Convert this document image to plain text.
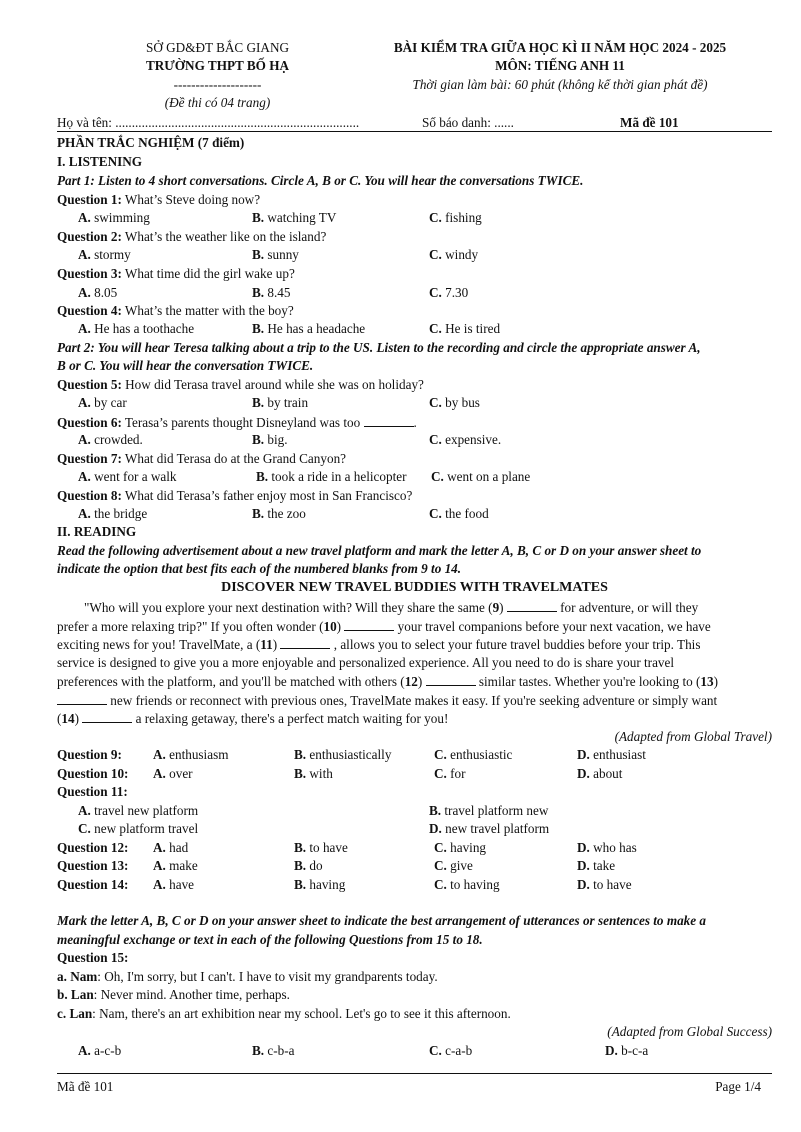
SỞ GD&ĐT BẮC GIANG
TRƯỜNG THPT BỐ HẠ
--------------------
(Đề thi có 04 trang)
BÀI KIỂM TRA GIỮA HỌC KÌ II NĂM HỌC 2024 - 2025
MÔN: TIẾNG ANH 11
Thời gian làm bài: 60 phút (không kể thời gian phát đề)
Họ và tên: ..........................................................................	Số báo danh: ......	Mã đề 101
PHẦN TRẮC NGHIỆM (7 điểm)
I. LISTENING
Part 1: Listen to 4 short conversations. Circle A, B or C. You will hear the conversations TWICE.
Question 1: What’s Steve doing now?
A. swimming	B. watching TV	C. fishing
Question 2: What’s the weather like on the island?
A. stormy	B. sunny	C. windy
Question 3: What time did the girl wake up?
A. 8.05	B. 8.45	C. 7.30
Question 4: What’s the matter with the boy?
A. He has a toothache	B. He has a headache	C. He is tired
Part 2: You will hear Teresa talking about a trip to the US. Listen to the recording and circle the appropriate answer A,
B or C. You will hear the conversation TWICE.
Question 5: How did Terasa travel around while she was on holiday?
A. by car	B. by train	C. by bus
Question 6: Terasa’s parents thought Disneyland was too	.
A. crowded.	B. big.	C. expensive.
Question 7: What did Terasa do at the Grand Canyon?
A. went for a walk	B. took a ride in a helicopter C. went on a plane
Question 8: What did Terasa’s father enjoy most in San Francisco?
A. the bridge	B. the zoo	C. the food
II. READING
Read the following advertisement about a new travel platform and mark the letter A, B, C or D on your answer sheet to
indicate the option that best fits each of the numbered blanks from 9 to 14.
DISCOVER NEW TRAVEL BUDDIES WITH TRAVELMATES
"Who will you explore your next destination with? Will they share the same (9)	for adventure, or will they
prefer a more relaxing trip?" If you often wonder (10)	your travel companions before your next vacation, we have
exciting news for you! TravelMate, a (11)	, allows you to select your future travel buddies before your trip. This
service is designed to give you a more enjoyable and personalized experience. All you need to do is share your travel
preferences with the platform, and you'll be matched with others (12)	similar tastes. Whether you're looking to (13)
new friends or reconnect with previous ones, TravelMate makes it easy. If you're seeking adventure or simply want
(14)	a relaxing getaway, there's a perfect match waiting for you!
(Adapted from Global Travel)
Question 9: A. enthusiasm	B. enthusiastically	C. enthusiastic	D. enthusiast
Question 10: A. over	B. with	C. for	D. about
Question 11:
A. travel new platform	B. travel platform new
C. new platform travel	D. new travel platform
Question 12: A. had	B. to have	C. having	D. who has
Question 13: A. make	B. do	C. give	D. take
Question 14: A. have	B. having	C. to having	D. to have
Mark the letter A, B, C or D on your answer sheet to indicate the best arrangement of utterances or sentences to make a
meaningful exchange or text in each of the following Questions from 15 to 18.
Question 15:
a. Nam: Oh, I'm sorry, but I can't. I have to visit my grandparents today.
b. Lan: Never mind. Another time, perhaps.
c. Lan: Nam, there's an art exhibition near my school. Let's go to see it this afternoon.
(Adapted from Global Success)
A. a-c-b	B. c-b-a	C. c-a-b	D. b-c-a
Mã đề 101	Page 1/4
